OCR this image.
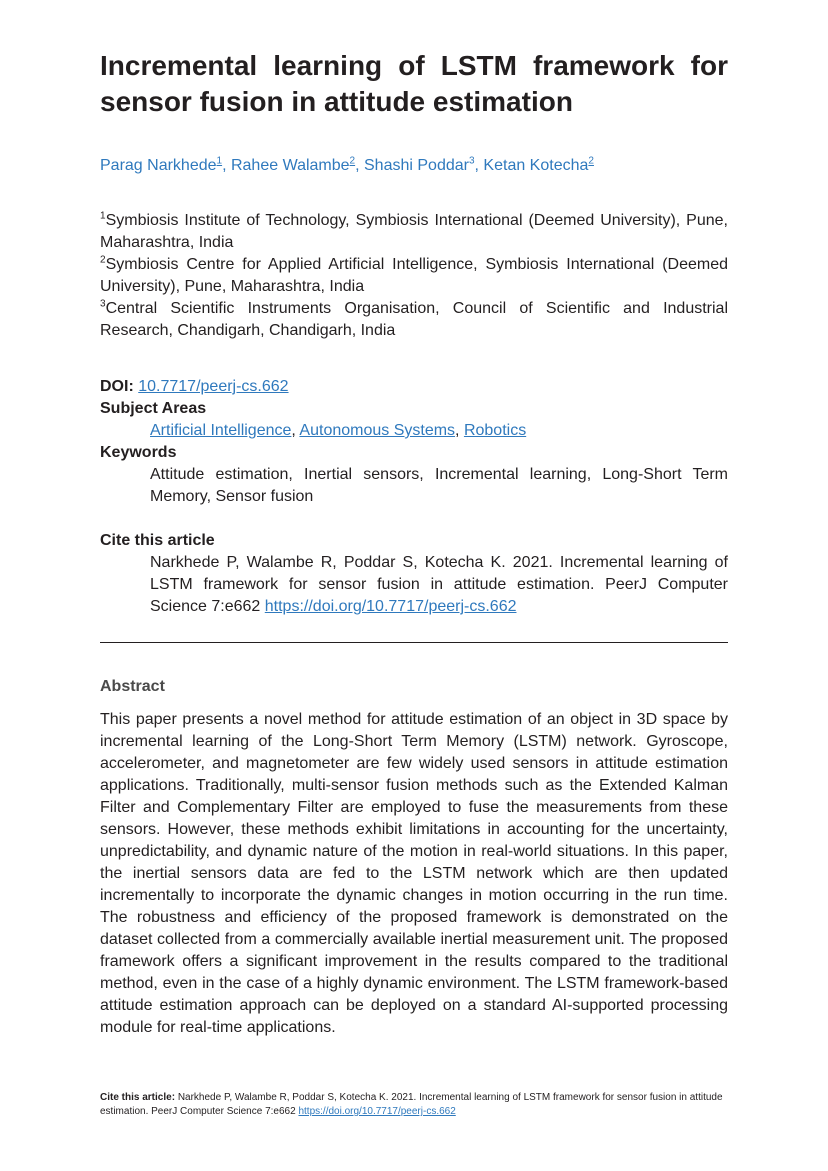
Incremental learning of LSTM framework for sensor fusion in attitude estimation
Parag Narkhede$^1$, Rahee Walambe$^2$, Shashi Poddar$^3$, Ketan Kotecha$^2$
$^1$Symbiosis Institute of Technology, Symbiosis International (Deemed University), Pune, Maharashtra, India
$^2$Symbiosis Centre for Applied Artificial Intelligence, Symbiosis International (Deemed University), Pune, Maharashtra, India
$^3$Central Scientific Instruments Organisation, Council of Scientific and Industrial Research, Chandigarh, Chandigarh, India
DOI: 10.7717/peerj-cs.662
Subject Areas
Artificial Intelligence, Autonomous Systems, Robotics
Keywords
Attitude estimation, Inertial sensors, Incremental learning, Long-Short Term Memory, Sensor fusion
Cite this article
Narkhede P, Walambe R, Poddar S, Kotecha K. 2021. Incremental learning of LSTM framework for sensor fusion in attitude estimation. PeerJ Computer Science 7:e662 https://doi.org/10.7717/peerj-cs.662
Abstract
This paper presents a novel method for attitude estimation of an object in 3D space by incremental learning of the Long-Short Term Memory (LSTM) network. Gyroscope, accelerometer, and magnetometer are few widely used sensors in attitude estimation applications. Traditionally, multi-sensor fusion methods such as the Extended Kalman Filter and Complementary Filter are employed to fuse the measurements from these sensors. However, these methods exhibit limitations in accounting for the uncertainty, unpredictability, and dynamic nature of the motion in real-world situations. In this paper, the inertial sensors data are fed to the LSTM network which are then updated incrementally to incorporate the dynamic changes in motion occurring in the run time. The robustness and efficiency of the proposed framework is demonstrated on the dataset collected from a commercially available inertial measurement unit. The proposed framework offers a significant improvement in the results compared to the traditional method, even in the case of a highly dynamic environment. The LSTM framework-based attitude estimation approach can be deployed on a standard AI-supported processing module for real-time applications.
Cite this article: Narkhede P, Walambe R, Poddar S, Kotecha K. 2021. Incremental learning of LSTM framework for sensor fusion in attitude estimation. PeerJ Computer Science 7:e662 https://doi.org/10.7717/peerj-cs.662
